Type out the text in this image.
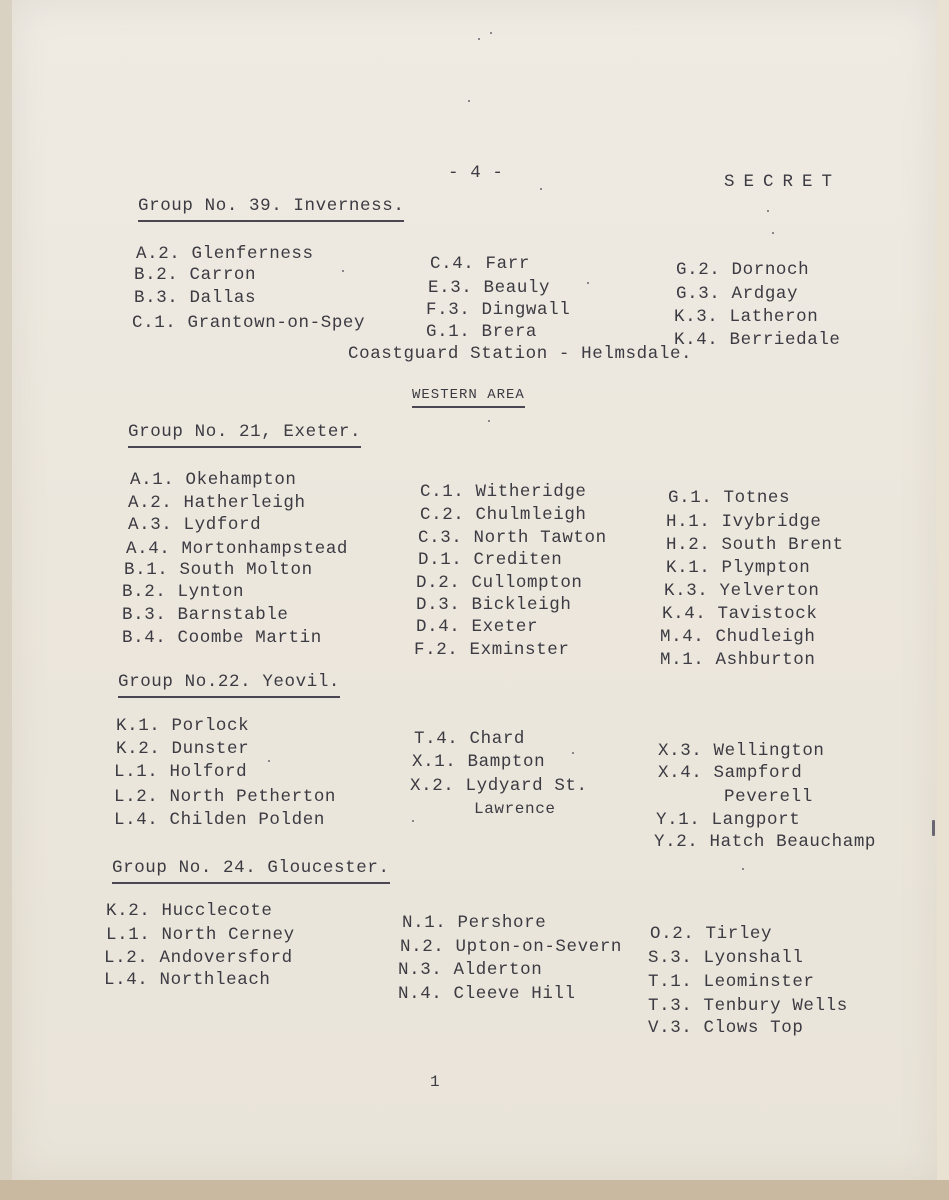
- 4 -	SECRET
Group No. 39. Inverness.
A.2. Glenferness
B.2. Carron
B.3. Dallas
C.1. Grantown-on-Spey
C.4. Farr
E.3. Beauly
F.3. Dingwall
G.1. Brera
G.2. Dornoch
G.3. Ardgay
K.3. Latheron
K.4. Berriedale
Coastguard Station - Helmsdale.
WESTERN AREA
Group No. 21, Exeter.
A.1. Okehampton
A.2. Hatherleigh
A.3. Lydford
A.4. Mortonhampstead
B.1. South Molton
B.2. Lynton
B.3. Barnstable
B.4. Coombe Martin
C.1. Witheridge
C.2. Chulmleigh
C.3. North Tawton
D.1. Crediten
D.2. Cullompton
D.3. Bickleigh
D.4. Exeter
F.2. Exminster
G.1. Totnes
H.1. Ivybridge
H.2. South Brent
K.1. Plympton
K.3. Yelverton
K.4. Tavistock
M.4. Chudleigh
M.1. Ashburton
Group No.22. Yeovil.
K.1. Porlock
K.2. Dunster
L.1. Holford
L.2. North Petherton
L.4. Childen Polden
T.4. Chard
X.1. Bampton
X.2. Lydyard St.
Lawrence
X.3. Wellington
X.4. Sampford
Peverell
Y.1. Langport
Y.2. Hatch Beauchamp
Group No. 24. Gloucester.
K.2. Hucclecote
L.1. North Cerney
L.2. Andoversford
L.4. Northleach
N.1. Pershore
N.2. Upton-on-Severn
N.3. Alderton
N.4. Cleeve Hill
O.2. Tirley
S.3. Lyonshall
T.1. Leominster
T.3. Tenbury Wells
V.3. Clows Top
1
